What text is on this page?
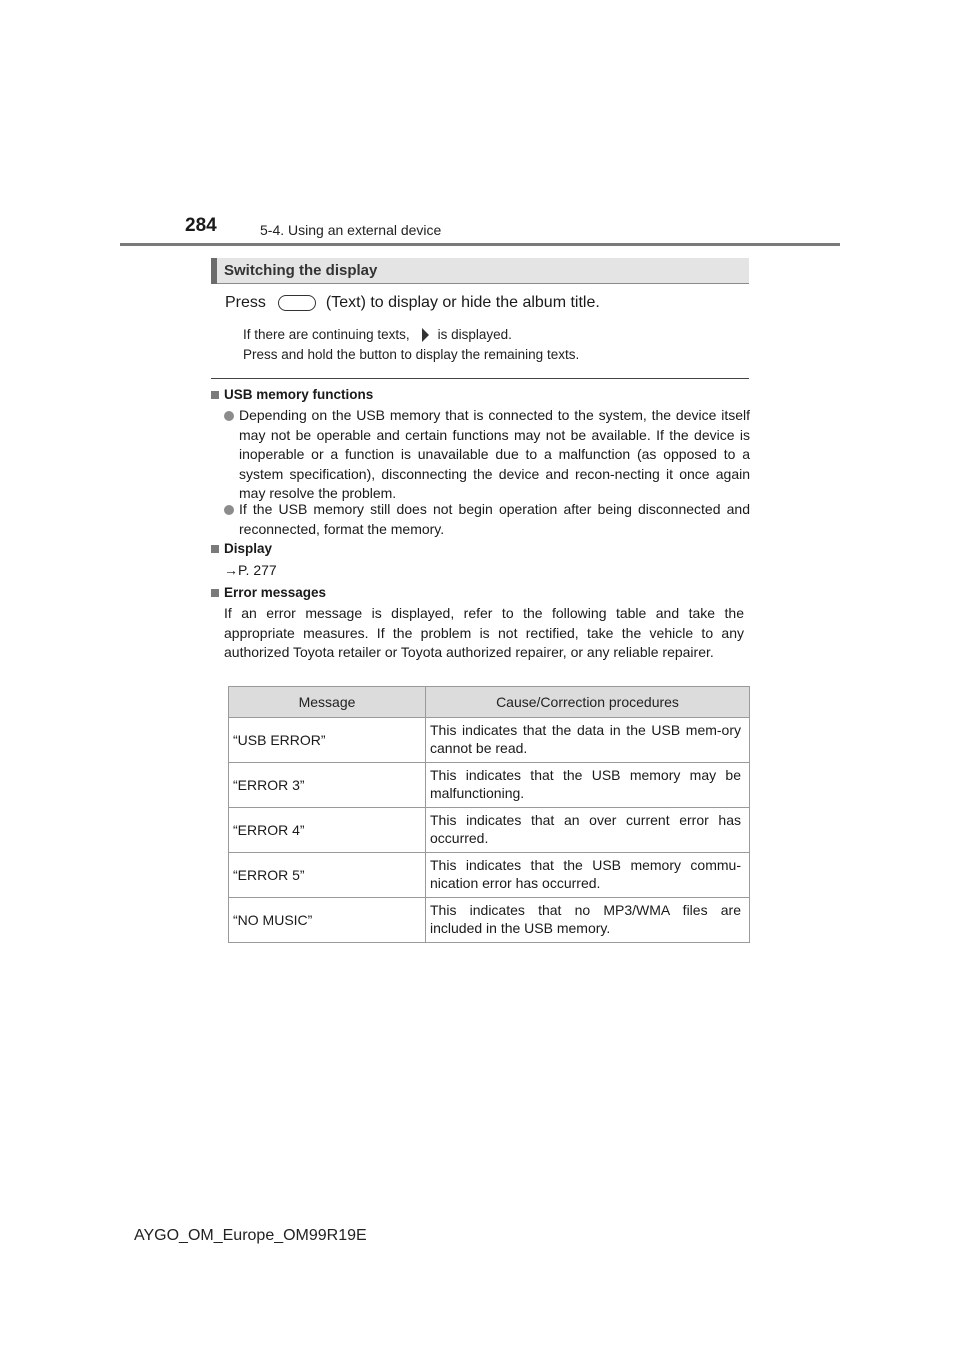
284	5-4. Using an external device
Switching the display
Press	(Text) to display or hide the album title.
If there are continuing texts, is displayed.
Press and hold the button to display the remaining texts.
USB memory functions
Depending on the USB memory that is connected to the system, the device itself may not be operable and certain functions may not be available. If the device is inoperable or a function is unavailable due to a malfunction (as opposed to a system specification), disconnecting the device and recon-necting it once again may resolve the problem.
If the USB memory still does not begin operation after being disconnected and reconnected, format the memory.
Display
→P. 277
Error messages
If an error message is displayed, refer to the following table and take the appropriate measures. If the problem is not rectified, take the vehicle to any authorized Toyota retailer or Toyota authorized repairer, or any reliable repairer.
Message	Cause/Correction procedures
“USB ERROR”	This indicates that the data in the USB mem-ory cannot be read.
“ERROR 3”	This indicates that the USB memory may be malfunctioning.
“ERROR 4”	This indicates that an over current error has occurred.
“ERROR 5”	This indicates that the USB memory commu-nication error has occurred.
“NO MUSIC”	This indicates that no MP3/WMA files are included in the USB memory.
AYGO_OM_Europe_OM99R19E
